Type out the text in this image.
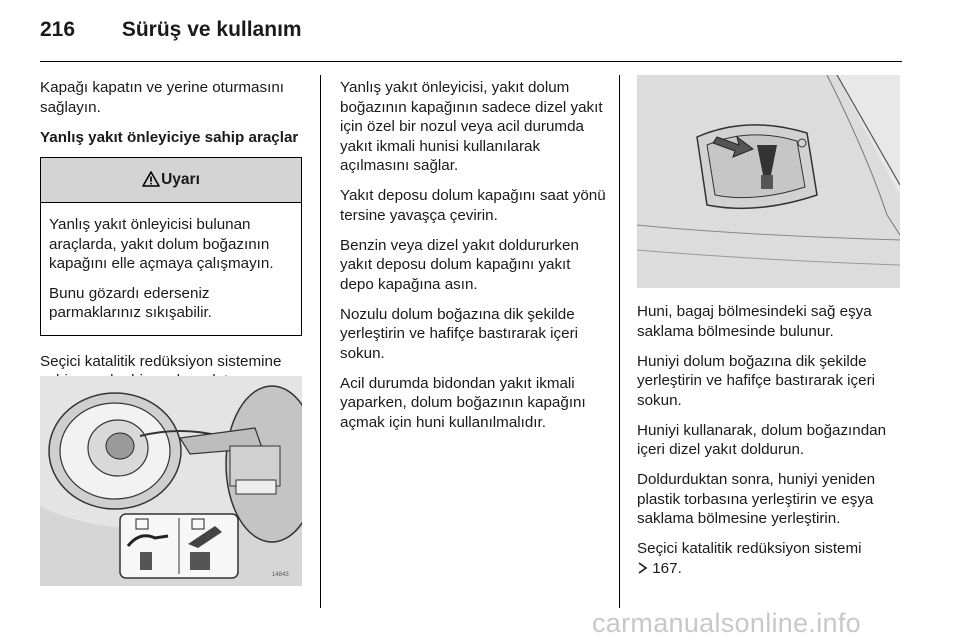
216 Sürüş ve kullanım

Kapağı kapatın ve yerine oturmasını sağlayın.

Yanlış yakıt önleyiciye sahip araçlar

Uyarı

Yanlış yakıt önleyicisi bulunan araçlarda, yakıt dolum boğazının kapağını elle açmaya çalışmayın.

Bunu gözardı ederseniz parmaklarınız sıkışabilir.

Seçici katalitik redüksiyon sistemine

14843

Yanlış yakıt önleyicisi, yakıt dolum boğazının kapağının sadece dizel yakıt için özel bir nozul veya acil durumda yakıt ikmali hunisi kullanılarak açılmasını sağlar.

Yakıt deposu dolum kapağını saat yönü tersine yavaşça çevirin.

Benzin veya dizel yakıt doldururken yakıt deposu dolum kapağını yakıt depo kapağına asın.

Nozulu dolum boğazına dik şekilde yerleştirin ve hafifçe bastırarak içeri sokun.

Acil durumda bidondan yakıt ikmali yaparken, dolum boğazının kapağını açmak için huni kullanılmalıdır.

Huni, bagaj bölmesindeki sağ eşya saklama bölmesinde bulunur.

Huniyi dolum boğazına dik şekilde yerleştirin ve hafifçe bastırarak içeri sokun.

Huniyi kullanarak, dolum boğazından içeri dizel yakıt doldurun.

Doldurduktan sonra, huniyi yeniden plastik torbasına yerleştirin ve eşya saklama bölmesine yerleştirin.

Seçici katalitik redüksiyon sistemi
167.

carmanualsonline.info
